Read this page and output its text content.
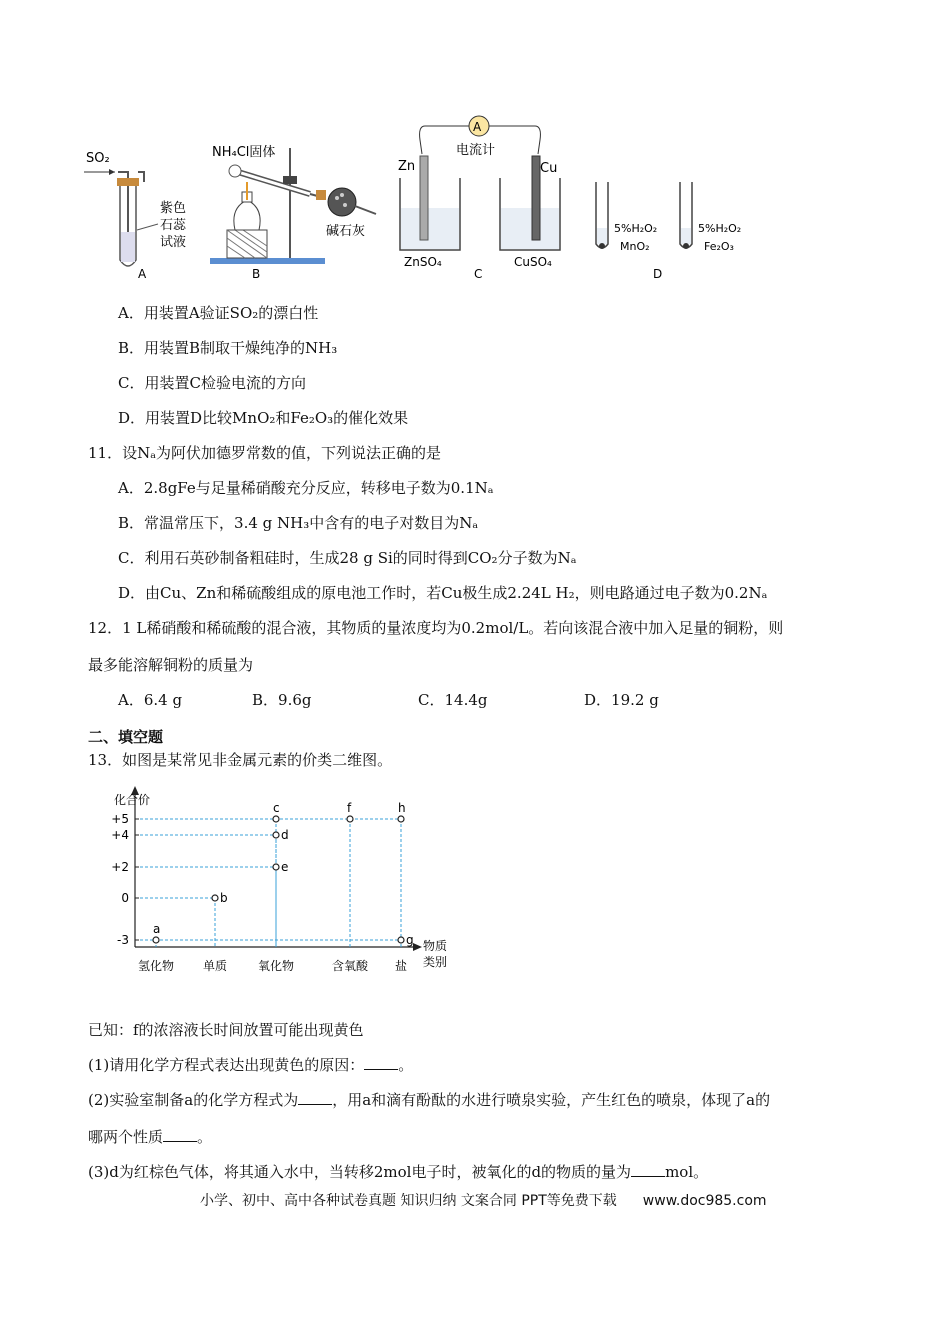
SO₂
紫色
石蕊
试液
A
NH₄Cl固体
碱石灰
B
A
电流计
Zn	Cu
ZnSO₄	CuSO₄
C
5%H₂O₂
MnO₂
5%H₂O₂
Fe₂O₃
D
A．用装置A验证SO₂的漂白性
B．用装置B制取干燥纯净的NH₃
C．用装置C检验电流的方向
D．用装置D比较MnO₂和Fe₂O₃的催化效果
11．设Nₐ为阿伏加德罗常数的值，下列说法正确的是
A．2.8gFe与足量稀硝酸充分反应，转移电子数为0.1Nₐ
B．常温常压下，3.4 g NH₃中含有的电子对数目为Nₐ
C．利用石英砂制备粗硅时，生成28 g Si的同时得到CO₂分子数为Nₐ
D．由Cu、Zn和稀硫酸组成的原电池工作时，若Cu极生成2.24L H₂，则电路通过电子数为0.2Nₐ
12．1 L稀硝酸和稀硫酸的混合液，其物质的量浓度均为0.2mol/L。若向该混合液中加入足量的铜粉，则
最多能溶解铜粉的质量为
A．6.4 g	B．9.6g	C．14.4g	D．19.2 g
二、填空题
13．如图是某常见非金属元素的价类二维图。
化合价
物质类别
+5
+4
+2
0
-3
氢化物 单质	氧化物	含氧酸 盐
a
b
c
d
e
f	h
g
已知：f的浓溶液长时间放置可能出现黄色
(1)请用化学方程式表达出现黄色的原因： 。
(2)实验室制备a的化学方程式为 ，用a和滴有酚酞的水进行喷泉实验，产生红色的喷泉，体现了a的
哪两个性质 。
(3)d为红棕色气体，将其通入水中，当转移2mol电子时，被氧化的d的物质的量为 mol。
小学、初中、高中各种试卷真题 知识归纳 文案合同 PPT等免费下载 www.doc985.com
